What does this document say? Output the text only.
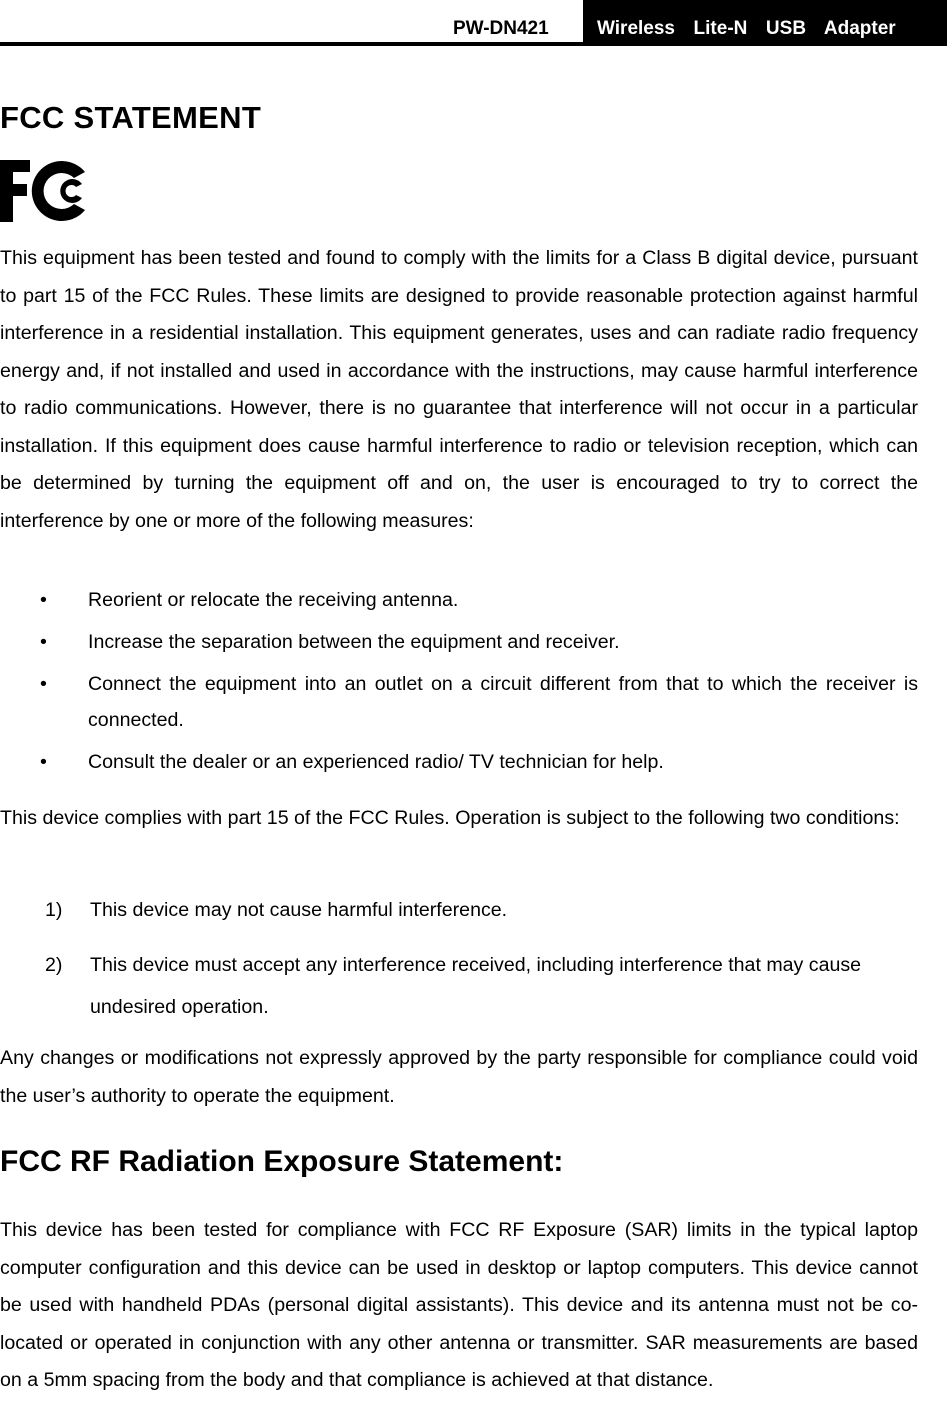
PW-DN421	Wireless  Lite-N  USB  Adapter
FCC STATEMENT
This equipment has been tested and found to comply with the limits for a Class B digital device, pursuant to part 15 of the FCC Rules. These limits are designed to provide reasonable protection against harmful interference in a residential installation. This equipment generates, uses and can radiate radio frequency energy and, if not installed and used in accordance with the instructions, may cause harmful interference to radio communications. However, there is no guarantee that interference will not occur in a particular installation. If this equipment does cause harmful interference to radio or television reception, which can be determined by turning the equipment off and on, the user is encouraged to try to correct the interference by one or more of the following measures:
• Reorient or relocate the receiving antenna.
• Increase the separation between the equipment and receiver.
• Connect the equipment into an outlet on a circuit different from that to which the receiver is connected.
• Consult the dealer or an experienced radio/ TV technician for help.
This device complies with part 15 of the FCC Rules. Operation is subject to the following two conditions:
1) This device may not cause harmful interference.
2) This device must accept any interference received, including interference that may cause undesired operation.
Any changes or modifications not expressly approved by the party responsible for compliance could void the user’s authority to operate the equipment.
FCC RF Radiation Exposure Statement:
This device has been tested for compliance with FCC RF Exposure (SAR) limits in the typical laptop computer configuration and this device can be used in desktop or laptop computers. This device cannot be used with handheld PDAs (personal digital assistants). This device and its antenna must not be co-located or operated in conjunction with any other antenna or transmitter. SAR measurements are based on a 5mm spacing from the body and that compliance is achieved at that distance.
